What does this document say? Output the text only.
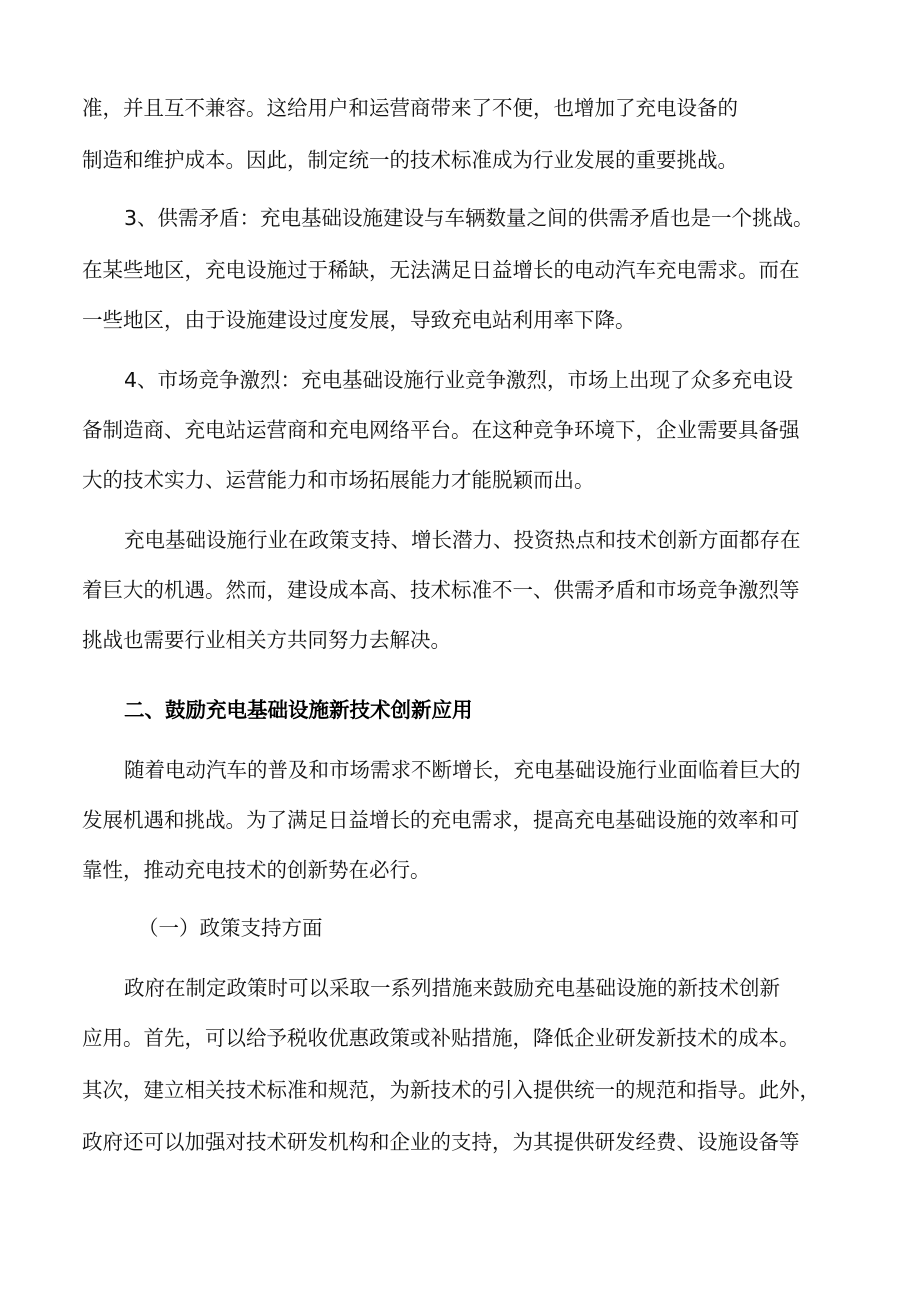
准，并且互不兼容。这给用户和运营商带来了不便，也增加了充电设备的

制造和维护成本。因此，制定统一的技术标准成为行业发展的重要挑战。

3、供需矛盾：充电基础设施建设与车辆数量之间的供需矛盾也是一个挑战。

在某些地区，充电设施过于稀缺，无法满足日益增长的电动汽车充电需求。而在

一些地区，由于设施建设过度发展，导致充电站利用率下降。

4、市场竞争激烈：充电基础设施行业竞争激烈，市场上出现了众多充电设

备制造商、充电站运营商和充电网络平台。在这种竞争环境下，企业需要具备强

大的技术实力、运营能力和市场拓展能力才能脱颖而出。

充电基础设施行业在政策支持、增长潜力、投资热点和技术创新方面都存在

着巨大的机遇。然而，建设成本高、技术标准不一、供需矛盾和市场竞争激烈等

挑战也需要行业相关方共同努力去解决。

二、鼓励充电基础设施新技术创新应用

随着电动汽车的普及和市场需求不断增长，充电基础设施行业面临着巨大的

发展机遇和挑战。为了满足日益增长的充电需求，提高充电基础设施的效率和可

靠性，推动充电技术的创新势在必行。

（一）政策支持方面

政府在制定政策时可以采取一系列措施来鼓励充电基础设施的新技术创新

应用。首先，可以给予税收优惠政策或补贴措施，降低企业研发新技术的成本。

其次，建立相关技术标准和规范，为新技术的引入提供统一的规范和指导。此外，

政府还可以加强对技术研发机构和企业的支持，为其提供研发经费、设施设备等
